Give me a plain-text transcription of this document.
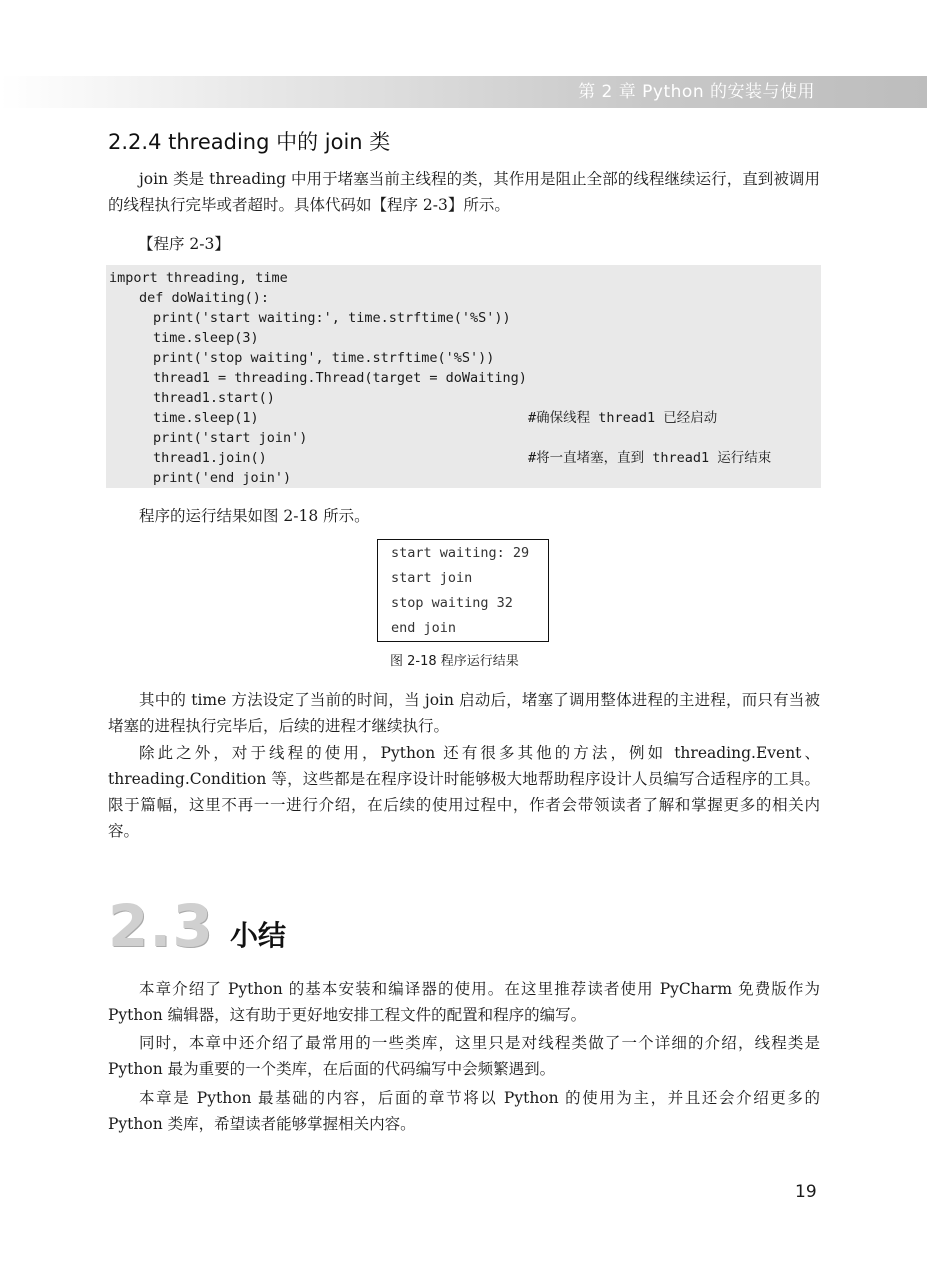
第 2 章 Python 的安装与使用
2.2.4 threading 中的 join 类

join 类是 threading 中用于堵塞当前主线程的类，其作用是阻止全部的线程继续运行，直到被调用的线程执行完毕或者超时。具体代码如【程序 2-3】所示。

【程序 2-3】
import threading, time
def doWaiting():
print('start waiting:', time.strftime('%S'))
time.sleep(3)
print('stop waiting', time.strftime('%S'))
thread1 = threading.Thread(target = doWaiting)
thread1.start()
time.sleep(1)	#确保线程 thread1 已经启动
print('start join')
thread1.join()	#将一直堵塞，直到 thread1 运行结束
print('end join')

程序的运行结果如图 2-18 所示。

start waiting: 29
start join
stop waiting 32
end join
图 2-18 程序运行结果

其中的 time 方法设定了当前的时间，当 join 启动后，堵塞了调用整体进程的主进程，而只有当被堵塞的进程执行完毕后，后续的进程才继续执行。

除此之外，对于线程的使用，Python 还有很多其他的方法，例如 threading.Event、threading.Condition 等，这些都是在程序设计时能够极大地帮助程序设计人员编写合适程序的工具。限于篇幅，这里不再一一进行介绍，在后续的使用过程中，作者会带领读者了解和掌握更多的相关内容。

2.3 小结

本章介绍了 Python 的基本安装和编译器的使用。在这里推荐读者使用 PyCharm 免费版作为 Python 编辑器，这有助于更好地安排工程文件的配置和程序的编写。

同时，本章中还介绍了最常用的一些类库，这里只是对线程类做了一个详细的介绍，线程类是 Python 最为重要的一个类库，在后面的代码编写中会频繁遇到。

本章是 Python 最基础的内容，后面的章节将以 Python 的使用为主，并且还会介绍更多的 Python 类库，希望读者能够掌握相关内容。

19
